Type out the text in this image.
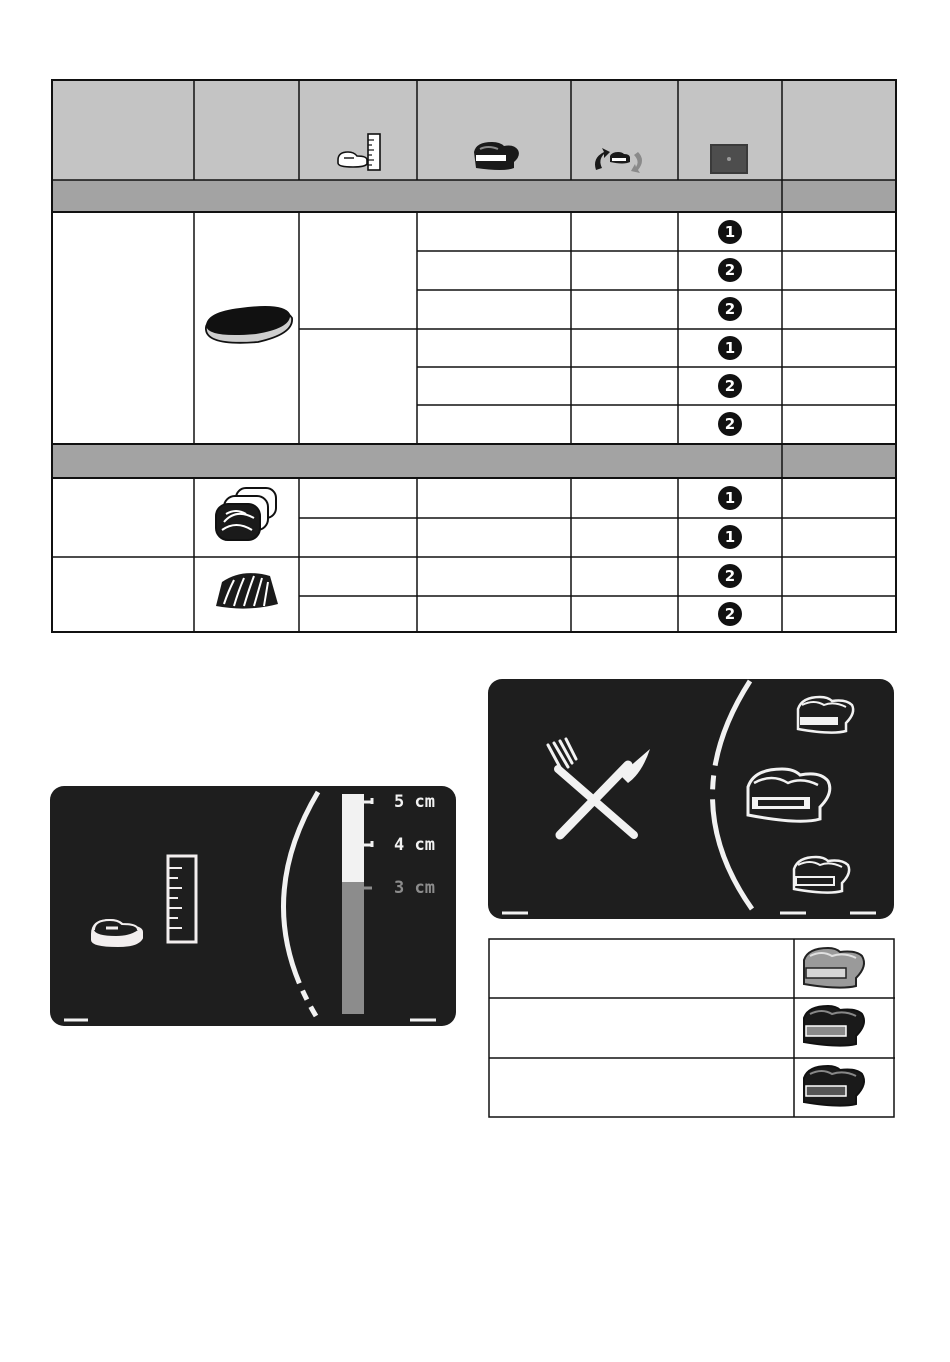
1
2
2
1
2
2
1
1
2
2
5 cm
4 cm
3 cm
